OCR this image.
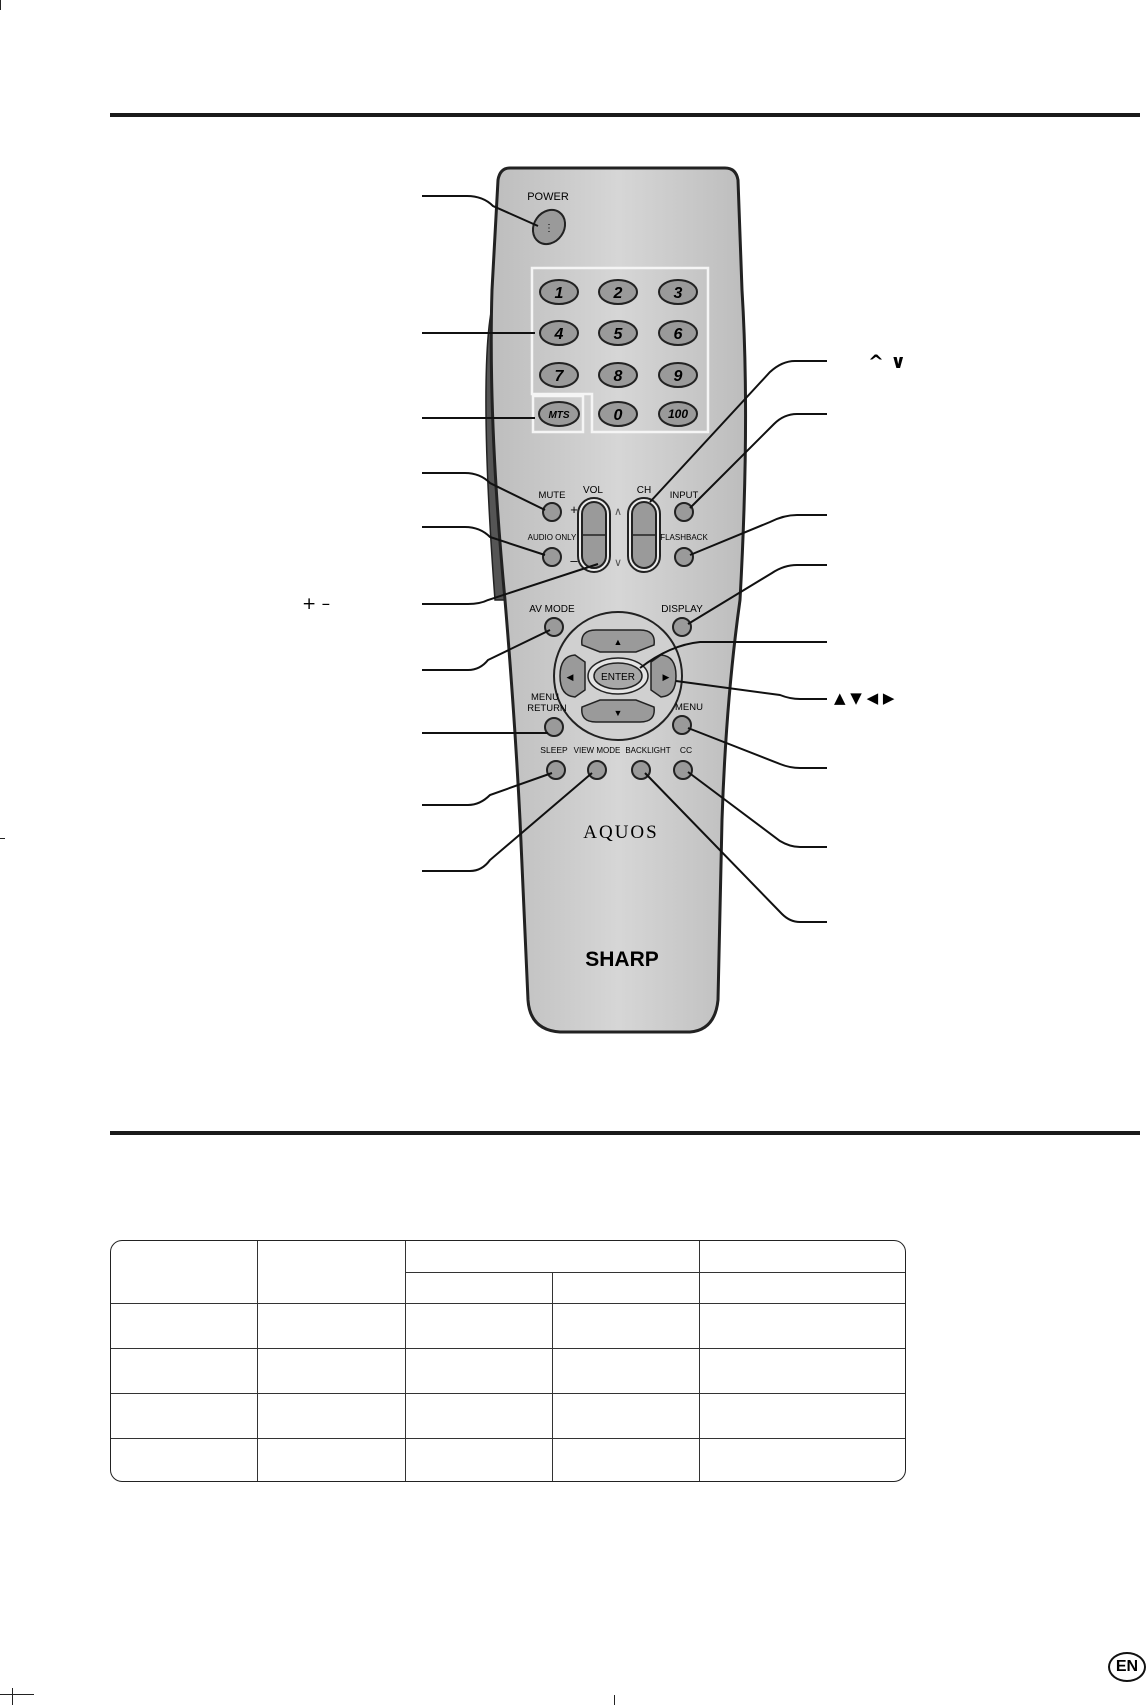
POWER
⋮
1	2	3
4	5	6
7	8	9
0	100
MTS
MUTE
AUDIO ONLY
VOL
+
–
CH
∧
∨
INPUT
FLASHBACK
AV MODE	DISPLAY
▲
▼
◀	▶
ENTER
MENU
RETURN	MENU
SLEEP VIEW MODE BACKLIGHT CC
AQUOS
SHARP
+ –
^ ∨
▲ ▼ ◀ ▶

EN
